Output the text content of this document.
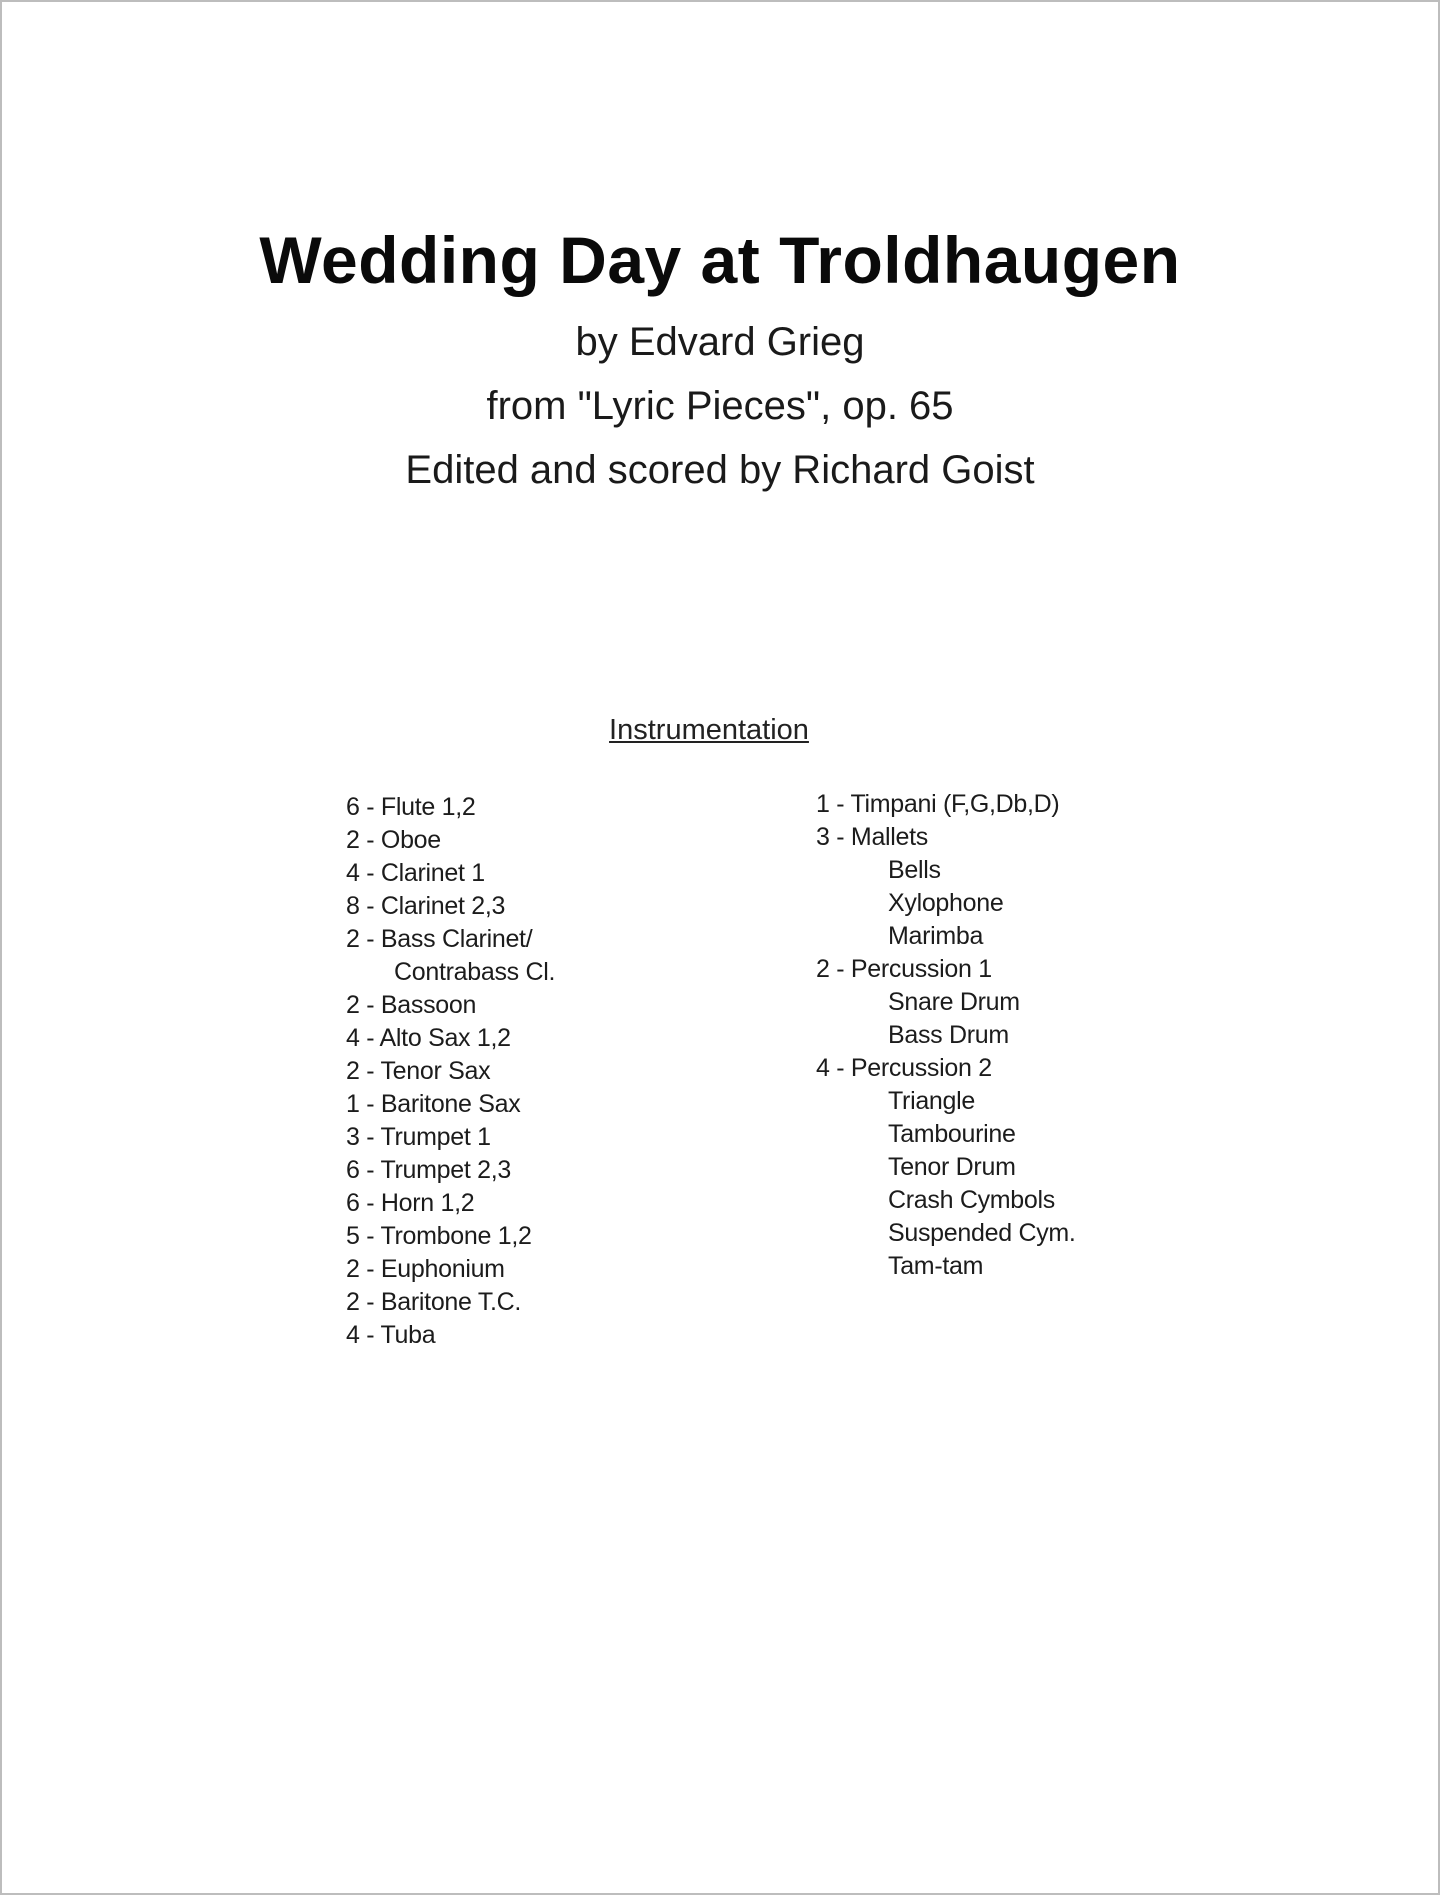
Wedding Day at Troldhaugen

by Edvard Grieg

from "Lyric Pieces", op. 65

Edited and scored by Richard Goist

Instrumentation
6 - Flute 1,2
2 - Oboe
4 - Clarinet 1
8 - Clarinet 2,3
2 - Bass Clarinet/
Contrabass Cl.
2 - Bassoon
4 - Alto Sax 1,2
2 - Tenor Sax
1 - Baritone Sax
3 - Trumpet 1
6 - Trumpet 2,3
6 - Horn 1,2
5 - Trombone 1,2
2 - Euphonium
2 - Baritone T.C.
4 - Tuba
1 - Timpani (F,G,Db,D)
3 - Mallets
Bells
Xylophone
Marimba
2 - Percussion 1
Snare Drum
Bass Drum
4 - Percussion 2
Triangle
Tambourine
Tenor Drum
Crash Cymbols
Suspended Cym.
Tam-tam
